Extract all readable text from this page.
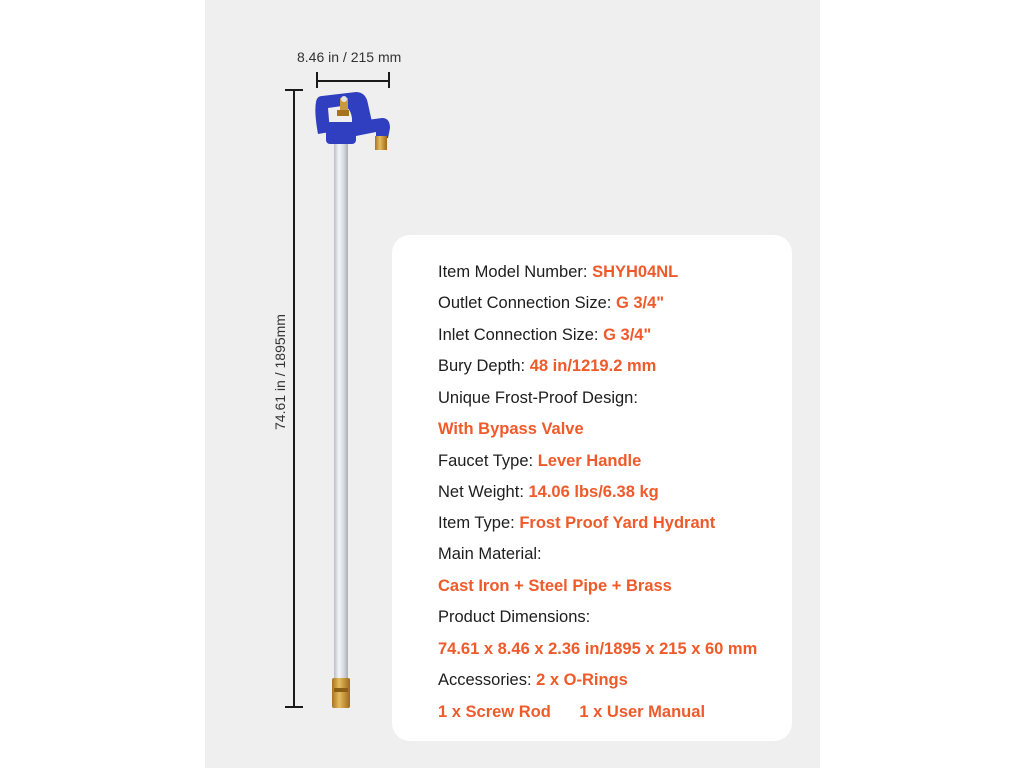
8.46 in / 215 mm
74.61 in / 1895mm
Item Model Number: SHYH04NL
Outlet Connection Size: G 3/4"
Inlet Connection Size: G 3/4"
Bury Depth: 48 in/1219.2 mm
Unique Frost-Proof Design:
With Bypass Valve
Faucet Type: Lever Handle
Net Weight: 14.06 lbs/6.38 kg
Item Type: Frost Proof Yard Hydrant
Main Material:
Cast Iron + Steel Pipe + Brass
Product Dimensions:
74.61 x 8.46 x 2.36 in/1895 x 215 x 60 mm
Accessories: 2 x O-Rings
1 x Screw Rod 1 x User Manual
